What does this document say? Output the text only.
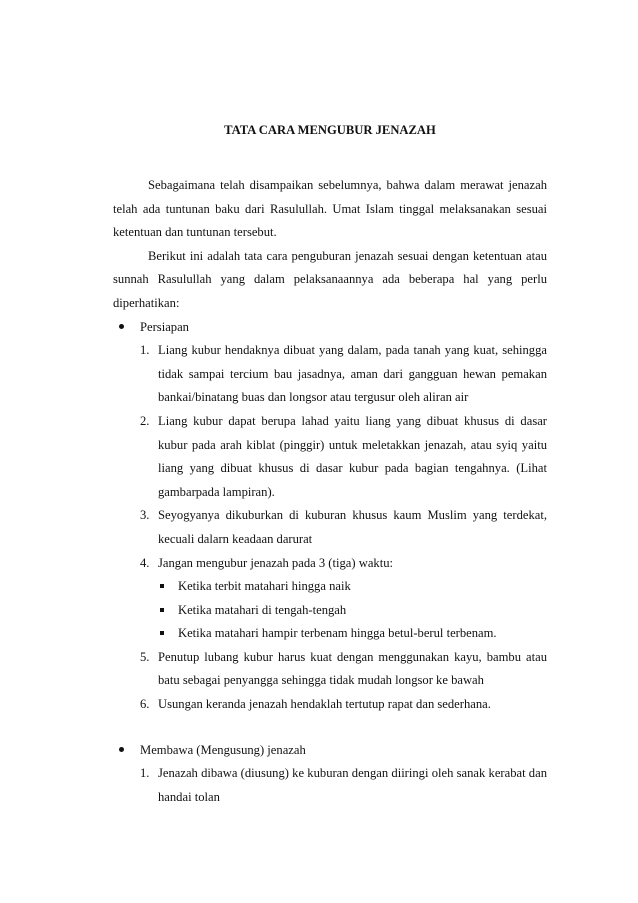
TATA CARA MENGUBUR JENAZAH

Sebagaimana telah disampaikan sebelumnya, bahwa dalam merawat jenazah telah ada tuntunan baku dari Rasulullah. Umat Islam tinggal melaksanakan sesuai ketentuan dan tuntunan tersebut.

Berikut ini adalah tata cara penguburan jenazah sesuai dengan ketentuan atau sunnah Rasulullah yang dalam pelaksanaannya ada beberapa hal yang perlu diperhatikan:

Persiapan
1. Liang kubur hendaknya dibuat yang dalam, pada tanah yang kuat, sehingga tidak sampai tercium bau jasadnya, aman dari gangguan hewan pemakan bankai/binatang buas dan longsor atau tergusur oleh aliran air
2. Liang kubur dapat berupa lahad yaitu liang yang dibuat khusus di dasar kubur pada arah kiblat (pinggir) untuk meletakkan jenazah, atau syiq yaitu liang yang dibuat khusus di dasar kubur pada bagian tengahnya. (Lihat gambarpada lampiran).
3. Seyogyanya dikuburkan di kuburan khusus kaum Muslim yang terdekat, kecuali dalarn keadaan darurat
4. Jangan mengubur jenazah pada 3 (tiga) waktu:
Ketika terbit matahari hingga naik
Ketika matahari di tengah-tengah
Ketika matahari hampir terbenam hingga betul-berul terbenam.
5. Penutup lubang kubur harus kuat dengan menggunakan kayu, bambu atau batu sebagai penyangga sehingga tidak mudah longsor ke bawah
6. Usungan keranda jenazah hendaklah tertutup rapat dan sederhana.
Membawa (Mengusung) jenazah
1. Jenazah dibawa (diusung) ke kuburan dengan diiringi oleh sanak kerabat dan handai tolan
